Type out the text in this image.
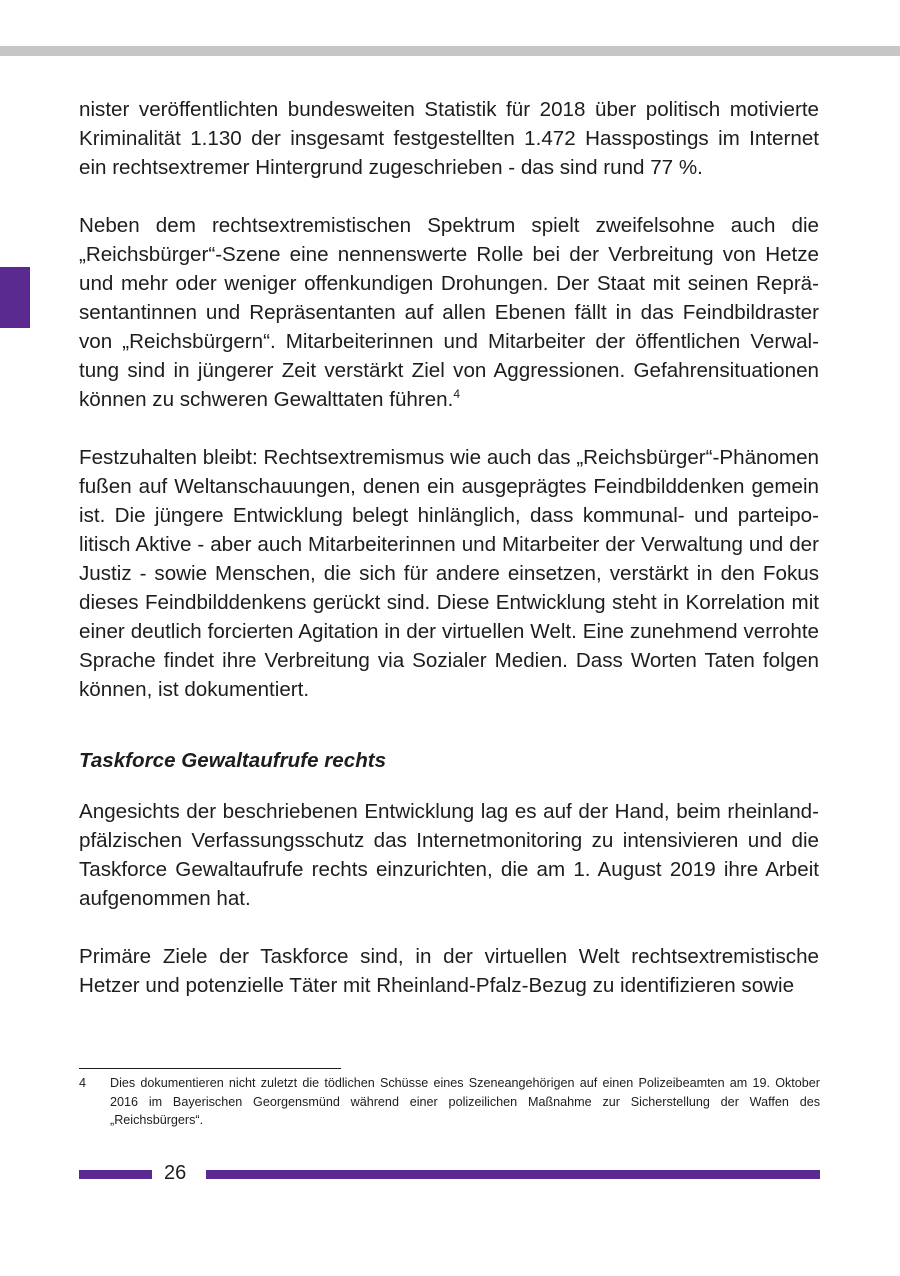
nister veröffentlichten bundesweiten Statistik für 2018 über politisch motivierte Kriminalität 1.130 der insgesamt festgestellten 1.472 Hasspostings im Internet ein rechtsextremer Hintergrund zugeschrieben - das sind rund 77 %.

Neben dem rechtsextremistischen Spektrum spielt zweifelsohne auch die „Reichsbürger“-Szene eine nennenswerte Rolle bei der Verbreitung von Hetze und mehr oder weniger offenkundigen Drohungen. Der Staat mit seinen Repräsentantinnen und Repräsentanten auf allen Ebenen fällt in das Feindbildraster von „Reichsbürgern“. Mitarbeiterinnen und Mitarbeiter der öffentlichen Verwaltung sind in jüngerer Zeit verstärkt Ziel von Aggressionen. Gefahrensituationen können zu schweren Gewalttaten führen.$^4$

Festzuhalten bleibt: Rechtsextremismus wie auch das „Reichsbürger“-Phänomen fußen auf Weltanschauungen, denen ein ausgeprägtes Feindbilddenken gemein ist. Die jüngere Entwicklung belegt hinlänglich, dass kommunal- und parteipolitisch Aktive - aber auch Mitarbeiterinnen und Mitarbeiter der Verwaltung und der Justiz - sowie Menschen, die sich für andere einsetzen, verstärkt in den Fokus dieses Feindbilddenkens gerückt sind. Diese Entwicklung steht in Korrelation mit einer deutlich forcierten Agitation in der virtuellen Welt. Eine zunehmend verrohte Sprache findet ihre Verbreitung via Sozialer Medien. Dass Worten Taten folgen können, ist dokumentiert.

Taskforce Gewaltaufrufe rechts

Angesichts der beschriebenen Entwicklung lag es auf der Hand, beim rheinland-pfälzischen Verfassungsschutz das Internetmonitoring zu intensivieren und die Taskforce Gewaltaufrufe rechts einzurichten, die am 1. August 2019 ihre Arbeit aufgenommen hat.

Primäre Ziele der Taskforce sind, in der virtuellen Welt rechtsextremistische Hetzer und potenzielle Täter mit Rheinland-Pfalz-Bezug zu identifizieren sowie

4 Dies dokumentieren nicht zuletzt die tödlichen Schüsse eines Szeneangehörigen auf einen Polizeibeamten am 19. Oktober 2016 im Bayerischen Georgensmünd während einer polizeilichen Maßnahme zur Sicherstellung der Waffen des „Reichsbürgers“.
26
